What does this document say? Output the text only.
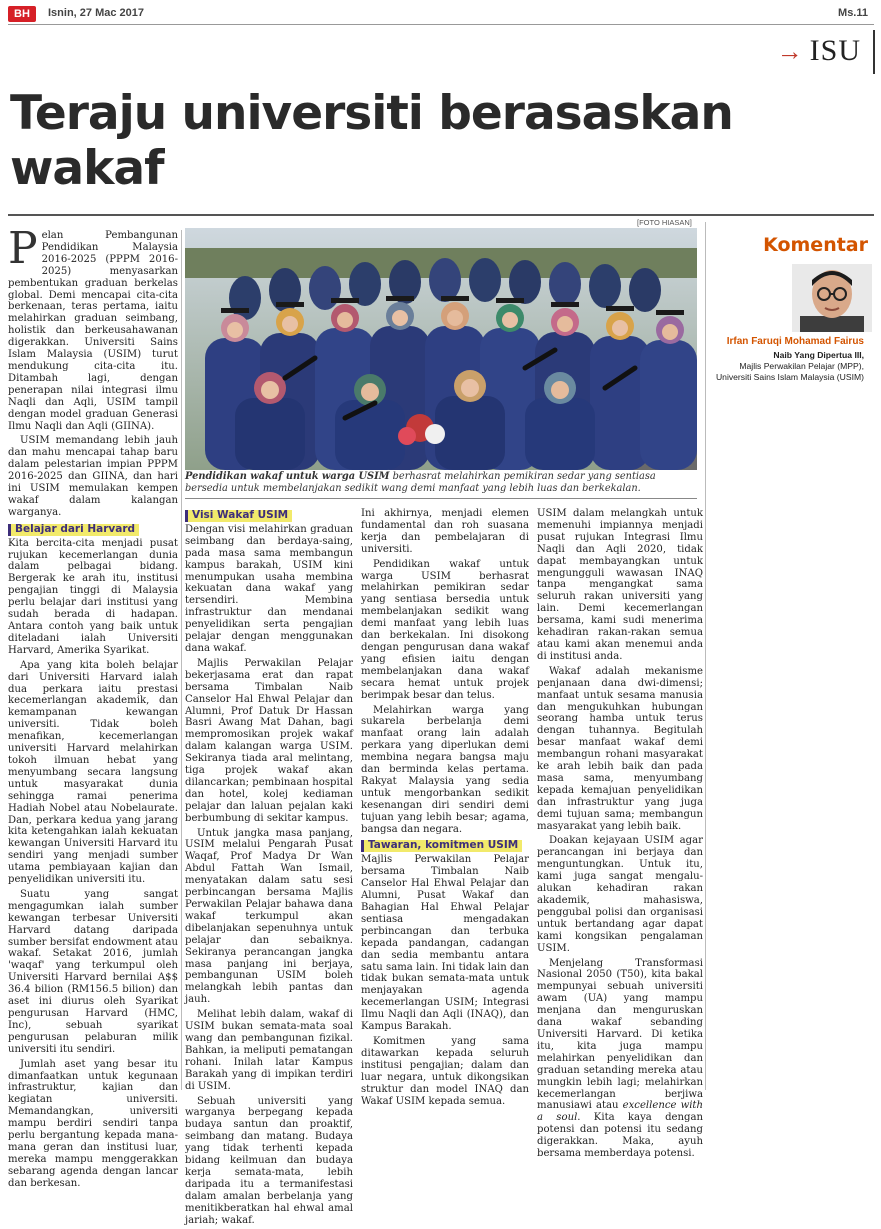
BH	Isnin, 27 Mac 2017	Ms.11
→ ISU
Teraju universiti berasaskan wakaf

Pelan Pembangunan Pendidikan Malaysia 2016-2025 (PPPM 2016-2025) menyasarkan pembentukan graduan berkelas global. Demi mencapai cita-cita berkenaan, teras pertama, iaitu melahirkan graduan seimbang, holistik dan berkeusahawanan digerakkan. Universiti Sains Islam Malaysia (USIM) turut mendukung cita-cita itu. Ditambah lagi, dengan penerapan nilai integrasi ilmu Naqli dan Aqli, USIM tampil dengan model graduan Generasi Ilmu Naqli dan Aqli (GIINA).

USIM memandang lebih jauh dan mahu mencapai tahap baru dalam pelestarian impian PPPM 2016-2025 dan GIINA, dan hari ini USIM memulakan kempen wakaf dalam kalangan warganya.

Belajar dari Harvard

Kita bercita-cita menjadi pusat rujukan kecemerlangan dunia dalam pelbagai bidang. Bergerak ke arah itu, institusi pengajian tinggi di Malaysia perlu belajar dari institusi yang sudah berada di hadapan. Antara contoh yang baik untuk diteladani ialah Universiti Harvard, Amerika Syarikat.

Apa yang kita boleh belajar dari Universiti Harvard ialah dua perkara iaitu prestasi kecemerlangan akademik, dan kemampanan kewangan universiti. Tidak boleh menafikan, kecemerlangan universiti Harvard melahirkan tokoh ilmuan hebat yang menyumbang secara langsung untuk masyarakat dunia sehingga ramai penerima Hadiah Nobel atau Nobelaurate. Dan, perkara kedua yang jarang kita ketengahkan ialah kekuatan kewangan Universiti Harvard itu sendiri yang menjadi sumber utama pembiayaan kajian dan penyelidikan universiti itu.

Suatu yang sangat mengagumkan ialah sumber kewangan terbesar Universiti Harvard datang daripada sumber bersifat endowment atau wakaf. Setakat 2016, jumlah 'waqaf' yang terkumpul oleh Universiti Harvard bernilai A$$ 36.4 bilion (RM156.5 bilion) dan aset ini diurus oleh Syarikat pengurusan Harvard (HMC, Inc), sebuah syarikat pengurusan pelaburan milik universiti itu sendiri.

Jumlah aset yang besar itu dimanfaatkan untuk kegunaan infrastruktur, kajian dan kegiatan universiti. Memandangkan, universiti mampu berdiri sendiri tanpa perlu bergantung kepada mana-mana geran dan institusi luar, mereka mampu menggerakkan sebarang agenda dengan lancar dan berkesan.

[FOTO HIASAN]
Pendidikan wakaf untuk warga USIM berhasrat melahirkan pemikiran sedar yang sentiasa bersedia untuk membelanjakan sedikit wang demi manfaat yang lebih luas dan berkekalan.
Visi Wakaf USIM

Dengan visi melahirkan graduan seimbang dan berdaya-saing, pada masa sama membangun kampus barakah, USIM kini menumpukan usaha membina kekuatan dana wakaf yang tersendiri. Membina infrastruktur dan mendanai penyelidikan serta pengajian pelajar dengan menggunakan dana wakaf.

Majlis Perwakilan Pelajar bekerjasama erat dan rapat bersama Timbalan Naib Canselor Hal Ehwal Pelajar dan Alumni, Prof Datuk Dr Hassan Basri Awang Mat Dahan, bagi mempromosikan projek wakaf dalam kalangan warga USIM. Sekiranya tiada aral melintang, tiga projek wakaf akan dilancarkan; pembinaan hospital dan hotel, kolej kediaman pelajar dan laluan pejalan kaki berbumbung di sekitar kampus.

Untuk jangka masa panjang, USIM melalui Pengarah Pusat Waqaf, Prof Madya Dr Wan Abdul Fattah Wan Ismail, menyatakan dalam satu sesi perbincangan bersama Majlis Perwakilan Pelajar bahawa dana wakaf terkumpul akan dibelanjakan sepenuhnya untuk pelajar dan sebaiknya. Sekiranya perancangan jangka masa panjang ini berjaya, pembangunan USIM boleh melangkah lebih pantas dan jauh.

Melihat lebih dalam, wakaf di USIM bukan semata-mata soal wang dan pembangunan fizikal. Bahkan, ia meliputi pematangan rohani. Inilah latar Kampus Barakah yang di impikan terdiri di USIM.

Sebuah universiti yang warganya berpegang kepada budaya santun dan proaktif, seimbang dan matang. Budaya yang tidak terhenti kepada bidang keilmuan dan budaya kerja semata-mata, lebih daripada itu a termanifestasi dalam amalan berbelanja yang menitikberatkan hal ehwal amal jariah; wakaf.

Ini akhirnya, menjadi elemen fundamental dan roh suasana kerja dan pembelajaran di universiti.

Pendidikan wakaf untuk warga USIM berhasrat melahirkan pemikiran sedar yang sentiasa bersedia untuk membelanjakan sedikit wang demi manfaat yang lebih luas dan berkekalan. Ini disokong dengan pengurusan dana wakaf yang efisien iaitu dengan membelanjakan dana wakaf secara hemat untuk projek berimpak besar dan telus.

Melahirkan warga yang sukarela berbelanja demi manfaat orang lain adalah perkara yang diperlukan demi membina negara bangsa maju dan berminda kelas pertama. Rakyat Malaysia yang sedia untuk mengorbankan sedikit kesenangan diri sendiri demi tujuan yang lebih besar; agama, bangsa dan negara.

Tawaran, komitmen USIM

Majlis Perwakilan Pelajar bersama Timbalan Naib Canselor Hal Ehwal Pelajar dan Alumni, Pusat Wakaf dan Bahagian Hal Ehwal Pelajar sentiasa mengadakan perbincangan dan terbuka kepada pandangan, cadangan dan sedia membantu antara satu sama lain. Ini tidak lain dan tidak bukan semata-mata untuk menjayakan agenda kecemerlangan USIM; Integrasi Ilmu Naqli dan Aqli (INAQ), dan Kampus Barakah.

Komitmen yang sama ditawarkan kepada seluruh institusi pengajian; dalam dan luar negara, untuk dikongsikan struktur dan model INAQ dan Wakaf USIM kepada semua.

USIM dalam melangkah untuk memenuhi impiannya menjadi pusat rujukan Integrasi Ilmu Naqli dan Aqli 2020, tidak dapat membayangkan untuk mengungguli wawasan INAQ tanpa mengangkat sama seluruh rakan universiti yang lain. Demi kecemerlangan bersama, kami sudi menerima kehadiran rakan-rakan semua atau kami akan menemui anda di institusi anda.

Wakaf adalah mekanisme penjanaan dana dwi-dimensi; manfaat untuk sesama manusia dan mengukuhkan hubungan seorang hamba untuk terus dengan tuhannya. Begitulah besar manfaat wakaf demi membangun rohani masyarakat ke arah lebih baik dan pada masa sama, menyumbang kepada kemajuan penyelidikan dan infrastruktur yang juga demi tujuan sama; membangun masyarakat yang lebih baik.

Doakan kejayaan USIM agar perancangan ini berjaya dan menguntungkan. Untuk itu, kami juga sangat mengalu-alukan kehadiran rakan akademik, mahasiswa, penggubal polisi dan organisasi untuk bertandang agar dapat kami kongsikan pengalaman USIM.

Menjelang Transformasi Nasional 2050 (T50), kita bakal mempunyai sebuah universiti awam (UA) yang mampu menjana dan menguruskan dana wakaf sebanding Universiti Harvard. Di ketika itu, kita juga mampu melahirkan penyelidikan dan graduan setanding mereka atau mungkin lebih lagi; melahirkan kecemerlangan berjiwa manusiawi atau excellence with a soul. Kita kaya dengan potensi dan potensi itu sedang digerakkan. Maka, ayuh bersama memberdaya potensi.

Komentar
Irfan Faruqi Mohamad Fairus
Naib Yang Dipertua III,
Majlis Perwakilan Pelajar (MPP),
Universiti Sains Islam Malaysia (USIM)
